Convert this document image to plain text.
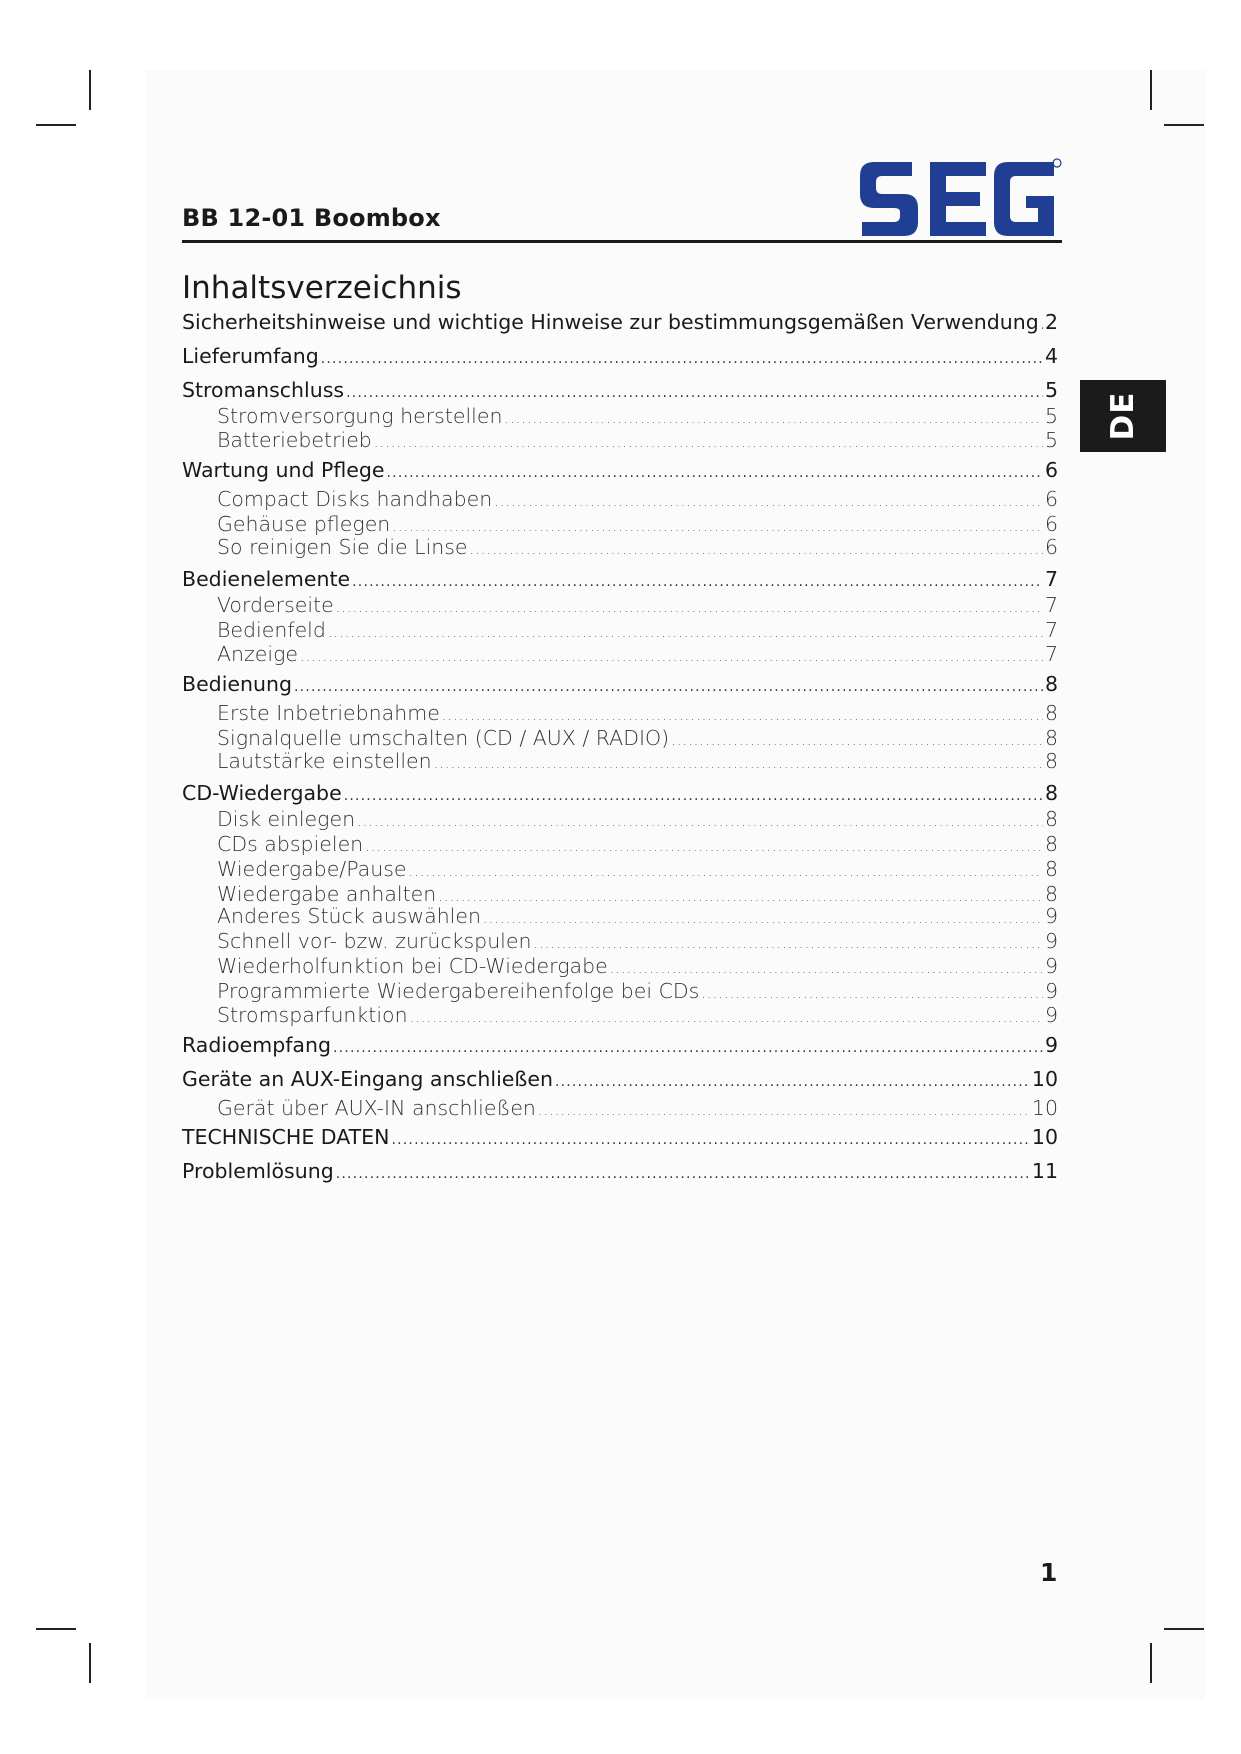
BB 12-01 Boombox
DE
Inhaltsverzeichnis
Sicherheitshinweise und wichtige Hinweise zur bestimmungsgemäßen Verwendung ..... 2
Lieferumfang .....	4
Stromanschluss .....	5
Stromversorgung herstellen .....	5
Batteriebetrieb .....	5
Wartung und Pflege .....	6
Compact Disks handhaben .....	6
Gehäuse pflegen .....	6
So reinigen Sie die Linse .....	6
Bedienelemente .....	7
Vorderseite .....	7
Bedienfeld .....	7
Anzeige .....	7
Bedienung .....	8
Erste Inbetriebnahme .....	8
Signalquelle umschalten (CD / AUX / RADIO) .....	8
Lautstärke einstellen .....	8
CD-Wiedergabe .....	8
Disk einlegen .....	8
CDs abspielen .....	8
Wiedergabe/Pause .....	8
Wiedergabe anhalten .....	8
Anderes Stück auswählen .....	9
Schnell vor- bzw. zurückspulen .....	9
Wiederholfunktion bei CD-Wiedergabe .....	9
Programmierte Wiedergabereihenfolge bei CDs .....	9
Stromsparfunktion .....	9
Radioempfang .....	9
Geräte an AUX-Eingang anschließen .....	10
Gerät über AUX-IN anschließen .....	10
TECHNISCHE DATEN .....	10
Problemlösung .....	11
1
